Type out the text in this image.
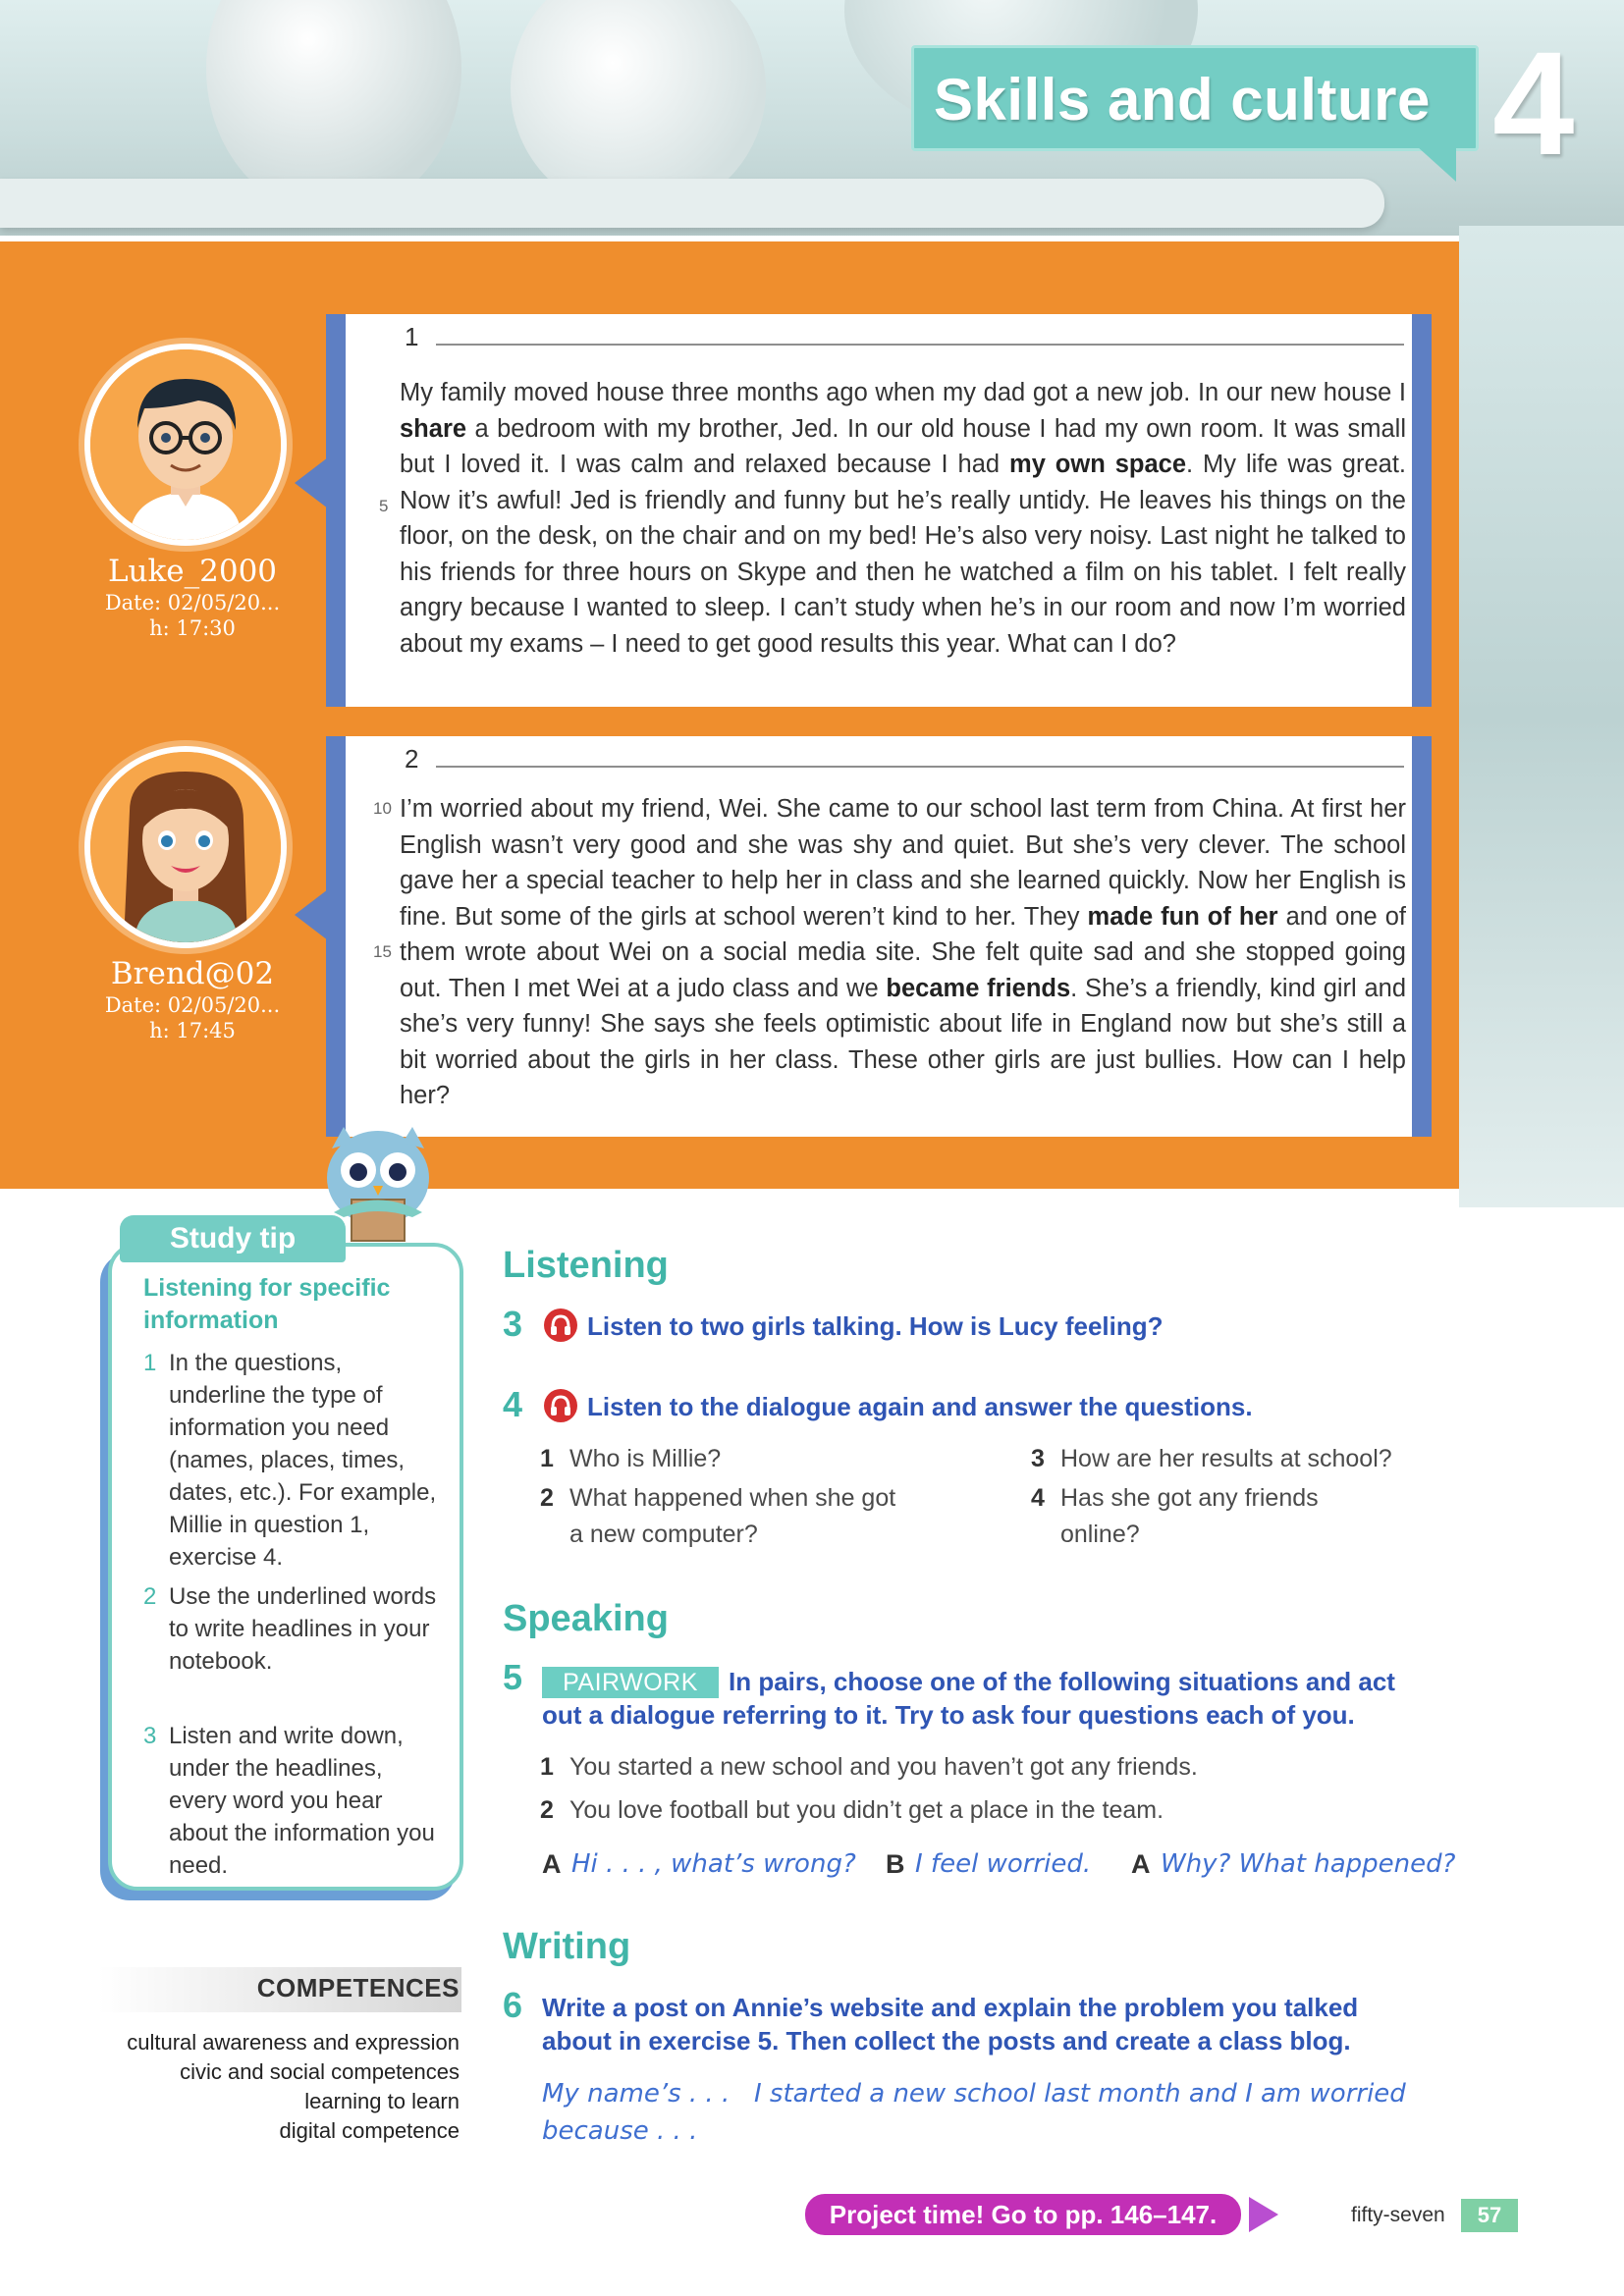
Skills and culture 4
Luke_2000
Date: 02/05/20...
h: 17:30
1
5
My family moved house three months ago when my dad got a new job. In our new house I share a bedroom with my brother, Jed. In our old house I had my own room. It was small but I loved it. I was calm and relaxed because I had my own space. My life was great. Now it’s awful! Jed is friendly and funny but he’s really untidy. He leaves his things on the floor, on the desk, on the chair and on my bed! He’s also very noisy. Last night he talked to his friends for three hours on Skype and then he watched a film on his tablet. I felt really angry because I wanted to sleep. I can’t study when he’s in our room and now I’m worried about my exams – I need to get good results this year. What can I do?
Brend@02
Date: 02/05/20...
h: 17:45
2
10
15
I’m worried about my friend, Wei. She came to our school last term from China. At first her English wasn’t very good and she was shy and quiet. But she’s very clever. The school gave her a special teacher to help her in class and she learned quickly. Now her English is fine. But some of the girls at school weren’t kind to her. They made fun of her and one of them wrote about Wei on a social media site. She felt quite sad and she stopped going out. Then I met Wei at a judo class and we became friends. She’s a friendly, kind girl and she’s very funny! She says she feels optimistic about life in England now but she’s still a bit worried about the girls in her class. These other girls are just bullies. How can I help her?
Study tip
Listening for specific information
1 In the questions, underline the type of information you need (names, places, times, dates, etc.). For example, Millie in question 1, exercise 4.
2 Use the underlined words to write headlines in your notebook.
3 Listen and write down, under the headlines, every word you hear about the information you need.
Listening
3	Listen to two girls talking. How is Lucy feeling?
4	Listen to the dialogue again and answer the questions.
1 Who is Millie?
2 What happened when she got
a new computer?
3 How are her results at school?
4 Has she got any friends
online?
Speaking
5	PAIRWORK	In pairs, choose one of the following situations and act
out a dialogue referring to it. Try to ask four questions each of you.
1 You started a new school and you haven’t got any friends.
2 You love football but you didn’t get a place in the team.
A Hi . . . , what’s wrong? B I feel worried. A Why? What happened?
Writing
6 Write a post on Annie’s website and explain the problem you talked
about in exercise 5. Then collect the posts and create a class blog.
My name’s . . . I started a new school last month and I am worried
because . . .
COMPETENCES
cultural awareness and expression
civic and social competences
learning to learn
digital competence
Project time! Go to pp. 146–147.	fifty-seven	57
